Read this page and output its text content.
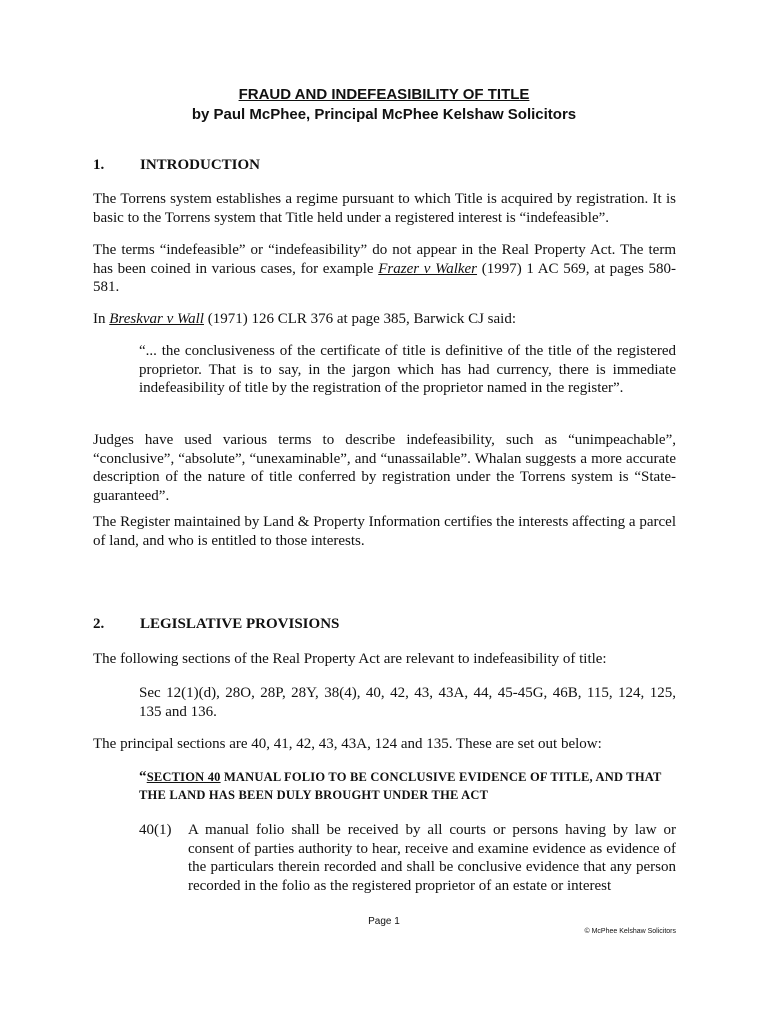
FRAUD AND INDEFEASIBILITY OF TITLE
by Paul McPhee, Principal McPhee Kelshaw Solicitors
1. INTRODUCTION
The Torrens system establishes a regime pursuant to which Title is acquired by registration. It is basic to the Torrens system that Title held under a registered interest is “indefeasible”.
The terms “indefeasible” or “indefeasibility” do not appear in the Real Property Act. The term has been coined in various cases, for example Frazer v Walker (1997) 1 AC 569, at pages 580-581.
In Breskvar v Wall (1971) 126 CLR 376 at page 385, Barwick CJ said:
“... the conclusiveness of the certificate of title is definitive of the title of the registered proprietor. That is to say, in the jargon which has had currency, there is immediate indefeasibility of title by the registration of the proprietor named in the register”.
Judges have used various terms to describe indefeasibility, such as “unimpeachable”, “conclusive”, “absolute”, “unexaminable”, and “unassailable”. Whalan suggests a more accurate description of the nature of title conferred by registration under the Torrens system is “State-guaranteed”.
The Register maintained by Land & Property Information certifies the interests affecting a parcel of land, and who is entitled to those interests.
2. LEGISLATIVE PROVISIONS
The following sections of the Real Property Act are relevant to indefeasibility of title:
Sec 12(1)(d), 28O, 28P, 28Y, 38(4), 40, 42, 43, 43A, 44, 45-45G, 46B, 115, 124, 125, 135 and 136.
The principal sections are 40, 41, 42, 43, 43A, 124 and 135. These are set out below:
“SECTION 40 MANUAL FOLIO TO BE CONCLUSIVE EVIDENCE OF TITLE, AND THAT THE LAND HAS BEEN DULY BROUGHT UNDER THE ACT
40(1) A manual folio shall be received by all courts or persons having by law or consent of parties authority to hear, receive and examine evidence as evidence of the particulars therein recorded and shall be conclusive evidence that any person recorded in the folio as the registered proprietor of an estate or interest
Page 1
© McPhee Kelshaw Solicitors
